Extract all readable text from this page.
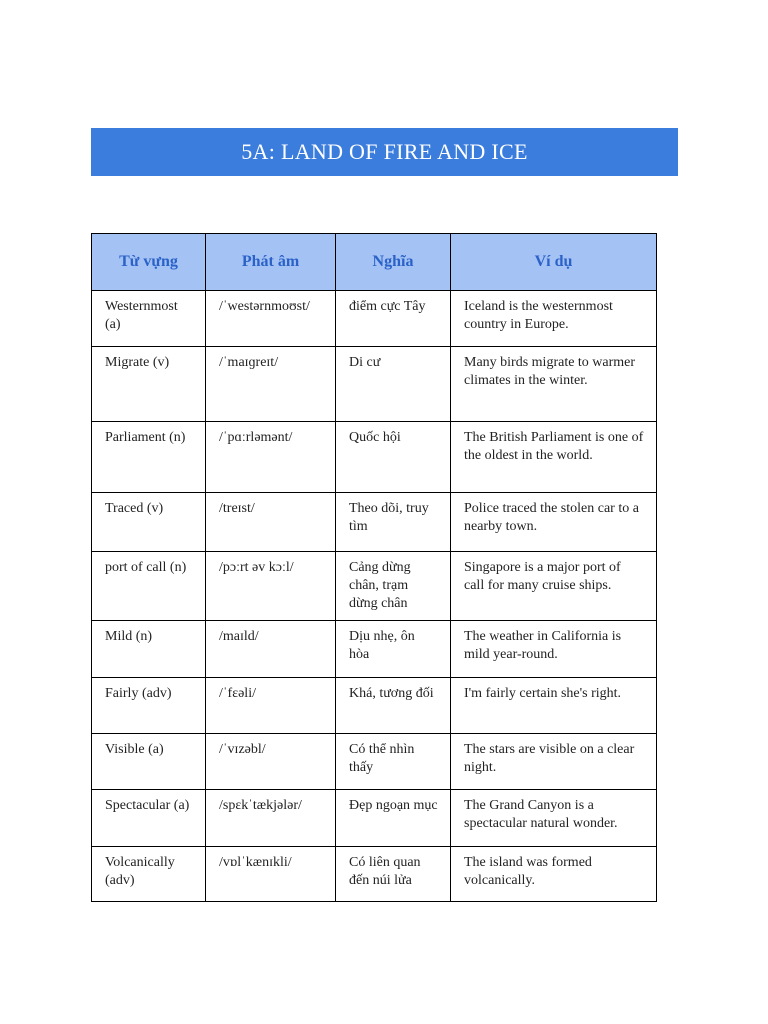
5A: LAND OF FIRE AND ICE
Từ vựng	Phát âm	Nghĩa	Ví dụ
Westernmost (a)	/ˈwestərnmoʊst/	điểm cực Tây	Iceland is the westernmost country in Europe.
Migrate (v)	/ˈmaɪɡreɪt/	Di cư	Many birds migrate to warmer climates in the winter.
Parliament (n)	/ˈpɑːrləmənt/	Quốc hội	The British Parliament is one of the oldest in the world.
Traced (v)	/treɪst/	Theo dõi, truy tìm	Police traced the stolen car to a nearby town.
port of call (n)	/pɔːrt əv kɔːl/	Cảng dừng chân, trạm dừng chân	Singapore is a major port of call for many cruise ships.
Mild (n)	/maɪld/	Dịu nhẹ, ôn hòa	The weather in California is mild year-round.
Fairly (adv)	/ˈfɛəli/	Khá, tương đối	I'm fairly certain she's right.
Visible (a)	/ˈvɪzəbl/	Có thể nhìn thấy	The stars are visible on a clear night.
Spectacular (a)	/spɛkˈtækjələr/	Đẹp ngoạn mục	The Grand Canyon is a spectacular natural wonder.
Volcanically (adv)	/vɒlˈkænɪkli/	Có liên quan đến núi lửa	The island was formed volcanically.
